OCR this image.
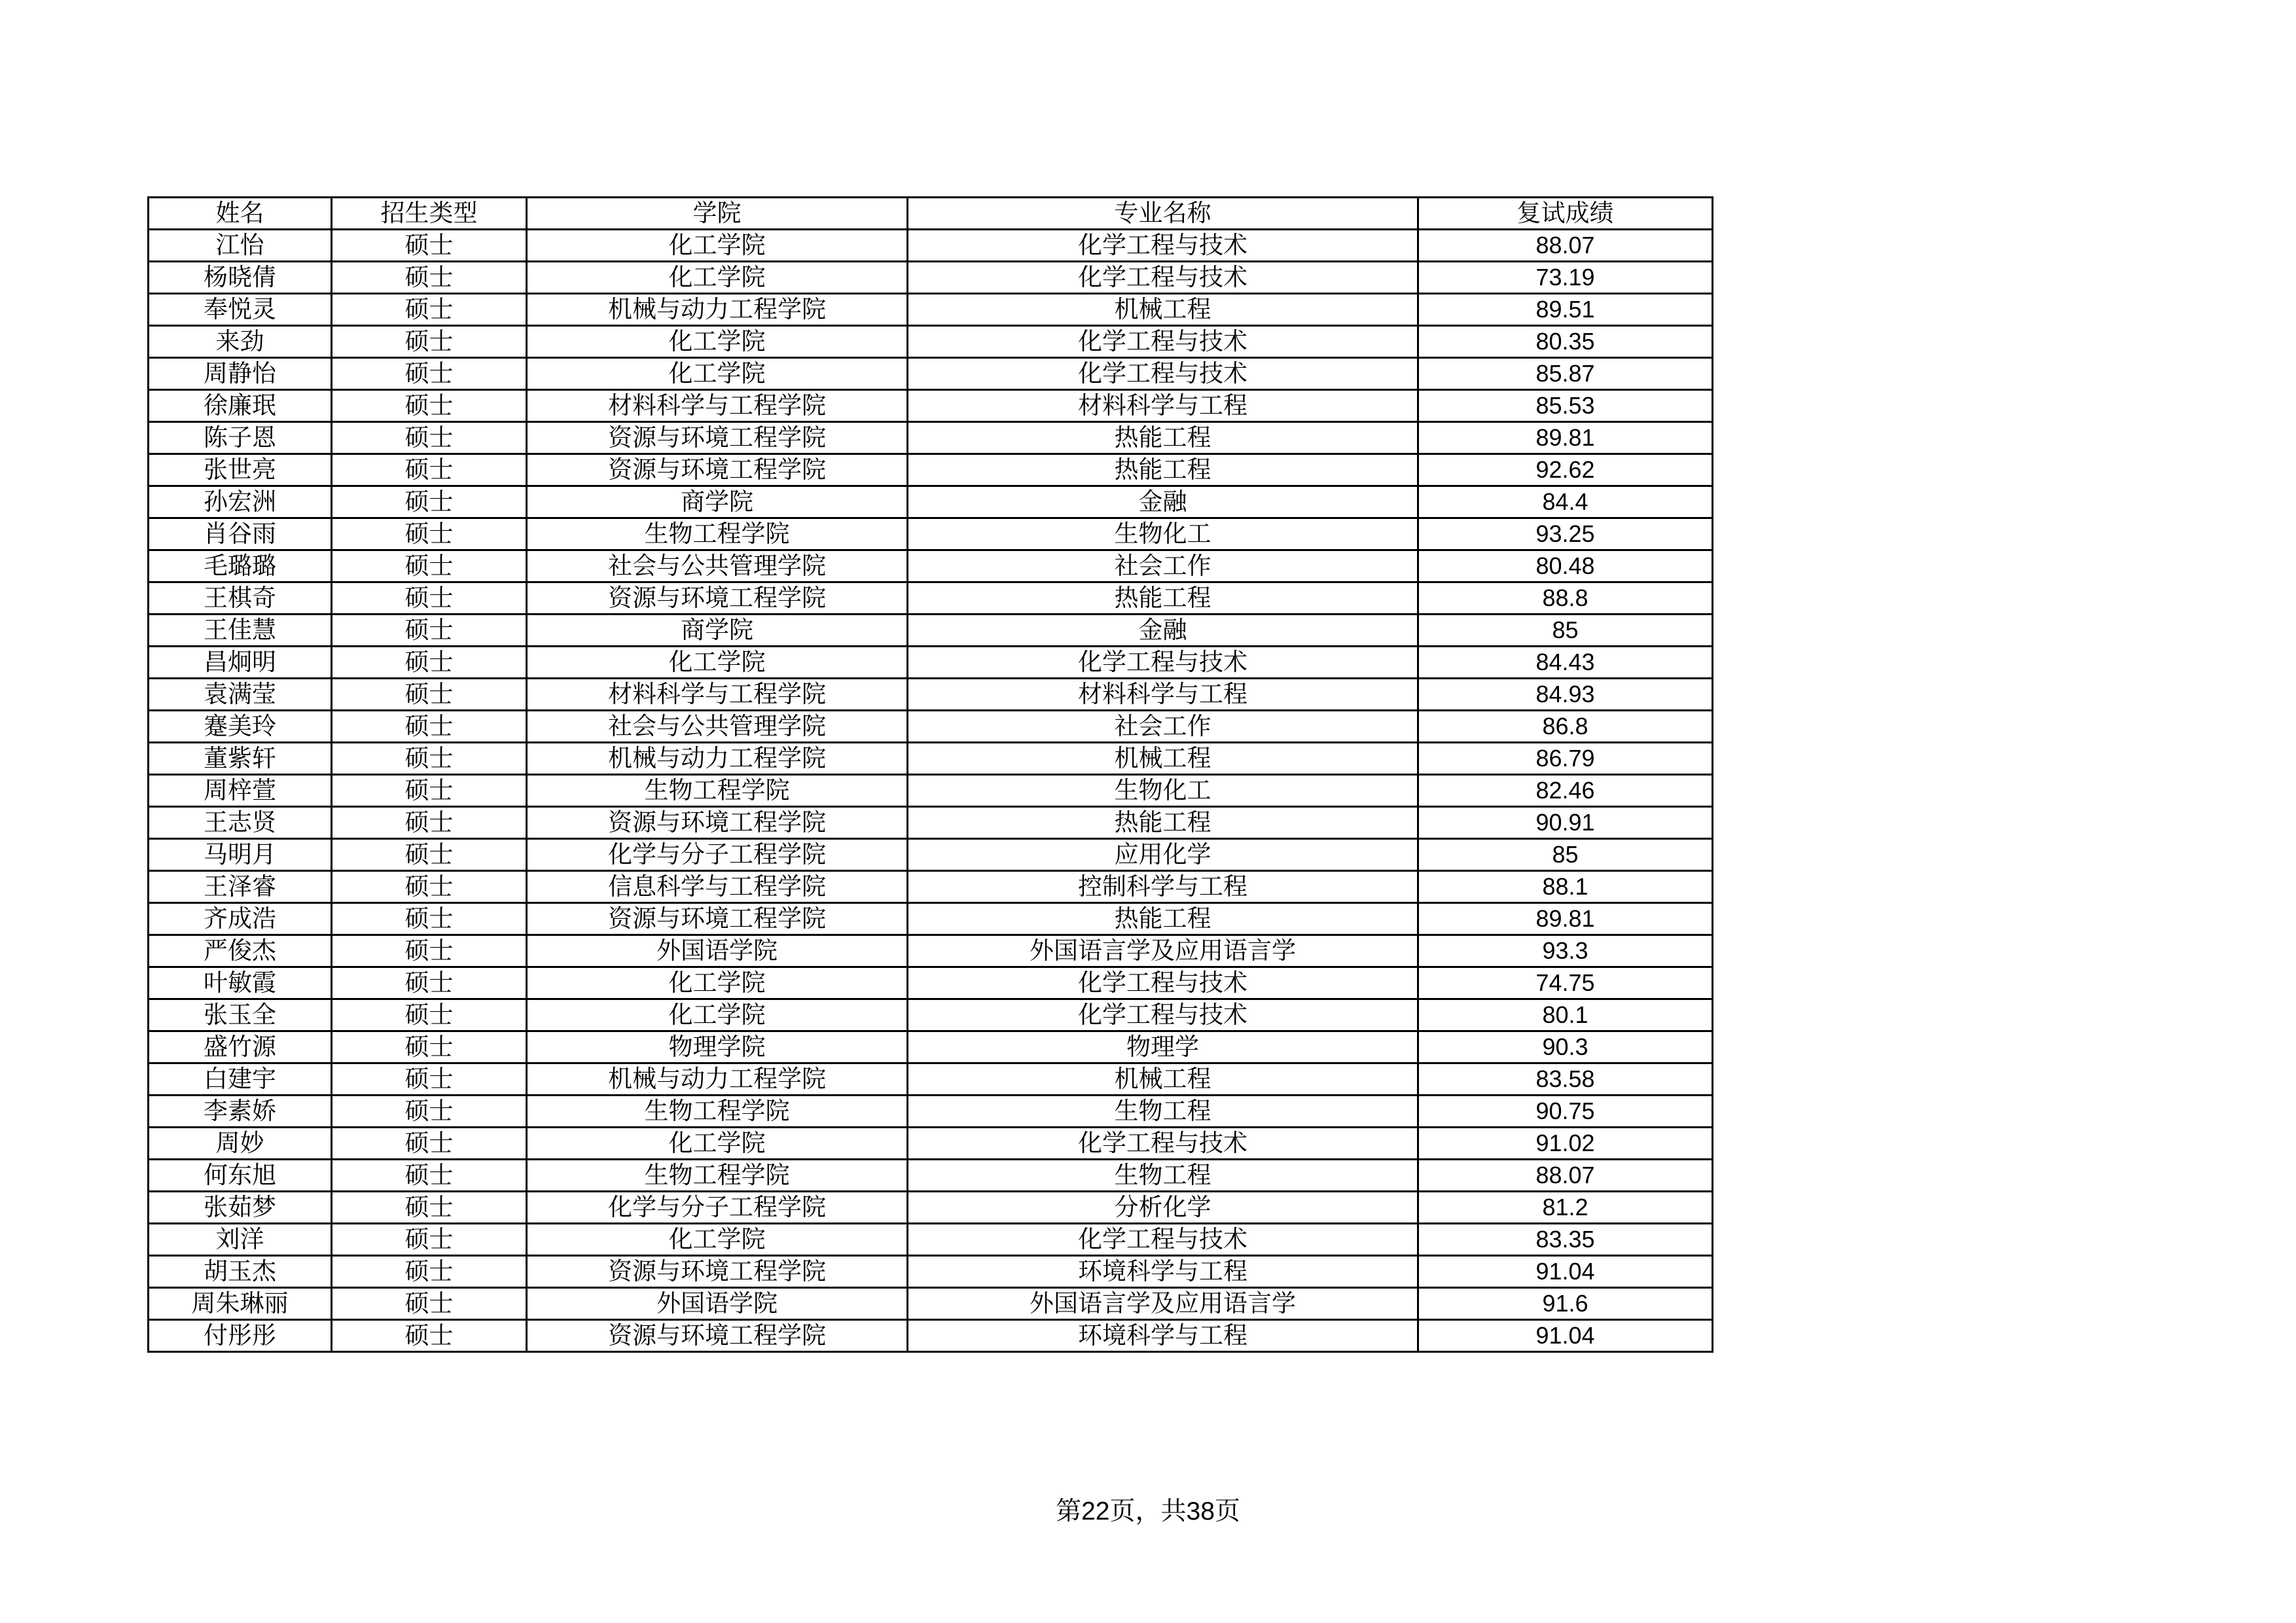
姓名	招生类型	学院	专业名称	复试成绩
江怡	硕士	化工学院	化学工程与技术	88.07
杨晓倩	硕士	化工学院	化学工程与技术	73.19
奉悦灵	硕士	机械与动力工程学院	机械工程	89.51
来劲	硕士	化工学院	化学工程与技术	80.35
周静怡	硕士	化工学院	化学工程与技术	85.87
徐廉珉	硕士	材料科学与工程学院	材料科学与工程	85.53
陈子恩	硕士	资源与环境工程学院	热能工程	89.81
张世亮	硕士	资源与环境工程学院	热能工程	92.62
孙宏洲	硕士	商学院	金融	84.4
肖谷雨	硕士	生物工程学院	生物化工	93.25
毛璐璐	硕士	社会与公共管理学院	社会工作	80.48
王棋奇	硕士	资源与环境工程学院	热能工程	88.8
王佳慧	硕士	商学院	金融	85
昌炯明	硕士	化工学院	化学工程与技术	84.43
袁满莹	硕士	材料科学与工程学院	材料科学与工程	84.93
蹇美玲	硕士	社会与公共管理学院	社会工作	86.8
董紫轩	硕士	机械与动力工程学院	机械工程	86.79
周梓萱	硕士	生物工程学院	生物化工	82.46
王志贤	硕士	资源与环境工程学院	热能工程	90.91
马明月	硕士	化学与分子工程学院	应用化学	85
王泽睿	硕士	信息科学与工程学院	控制科学与工程	88.1
齐成浩	硕士	资源与环境工程学院	热能工程	89.81
严俊杰	硕士	外国语学院	外国语言学及应用语言学	93.3
叶敏霞	硕士	化工学院	化学工程与技术	74.75
张玉全	硕士	化工学院	化学工程与技术	80.1
盛竹源	硕士	物理学院	物理学	90.3
白建宇	硕士	机械与动力工程学院	机械工程	83.58
李素娇	硕士	生物工程学院	生物工程	90.75
周妙	硕士	化工学院	化学工程与技术	91.02
何东旭	硕士	生物工程学院	生物工程	88.07
张茹梦	硕士	化学与分子工程学院	分析化学	81.2
刘洋	硕士	化工学院	化学工程与技术	83.35
胡玉杰	硕士	资源与环境工程学院	环境科学与工程	91.04
周朱琳丽	硕士	外国语学院	外国语言学及应用语言学	91.6
付彤彤	硕士	资源与环境工程学院	环境科学与工程	91.04
第22页，共38页
